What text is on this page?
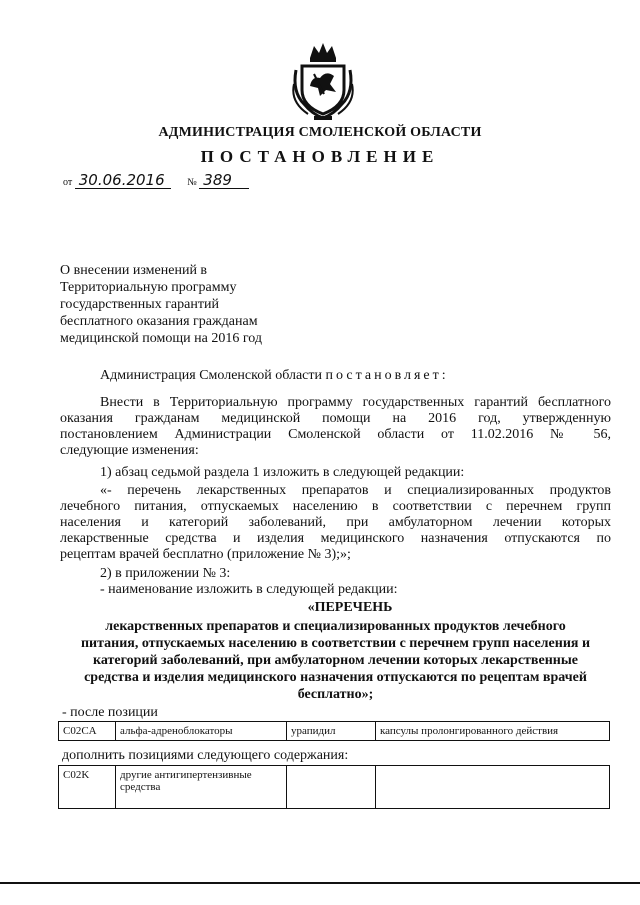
АДМИНИСТРАЦИЯ СМОЛЕНСКОЙ ОБЛАСТИ
ПОСТАНОВЛЕНИЕ
от 30.06.2016 № 389
О внесении изменений в
Территориальную программу
государственных гарантий
бесплатного оказания гражданам
медицинской помощи на 2016 год
Администрация Смоленской области постановляет:
Внести в Территориальную программу государственных гарантий бесплатного
оказания гражданам медицинской помощи на 2016 год, утвержденную
постановлением Администрации Смоленской области от 11.02.2016 № 56,
следующие изменения:
1) абзац седьмой раздела 1 изложить в следующей редакции:
«- перечень лекарственных препаратов и специализированных продуктов
лечебного питания, отпускаемых населению в соответствии с перечнем групп
населения и категорий заболеваний, при амбулаторном лечении которых
лекарственные средства и изделия медицинского назначения отпускаются по
рецептам врачей бесплатно (приложение № 3);»;
2) в приложении № 3:
- наименование изложить в следующей редакции:
«ПЕРЕЧЕНЬ
лекарственных препаратов и специализированных продуктов лечебного
питания, отпускаемых населению в соответствии с перечнем групп населения и
категорий заболеваний, при амбулаторном лечении которых лекарственные
средства и изделия медицинского назначения отпускаются по рецептам врачей
бесплатно»;
- после позиции
C02CA	альфа-адреноблокаторы	урапидил	капсулы пролонгированного действия
дополнить позициями следующего содержания:
C02K	другие антигипертензивные средства		
